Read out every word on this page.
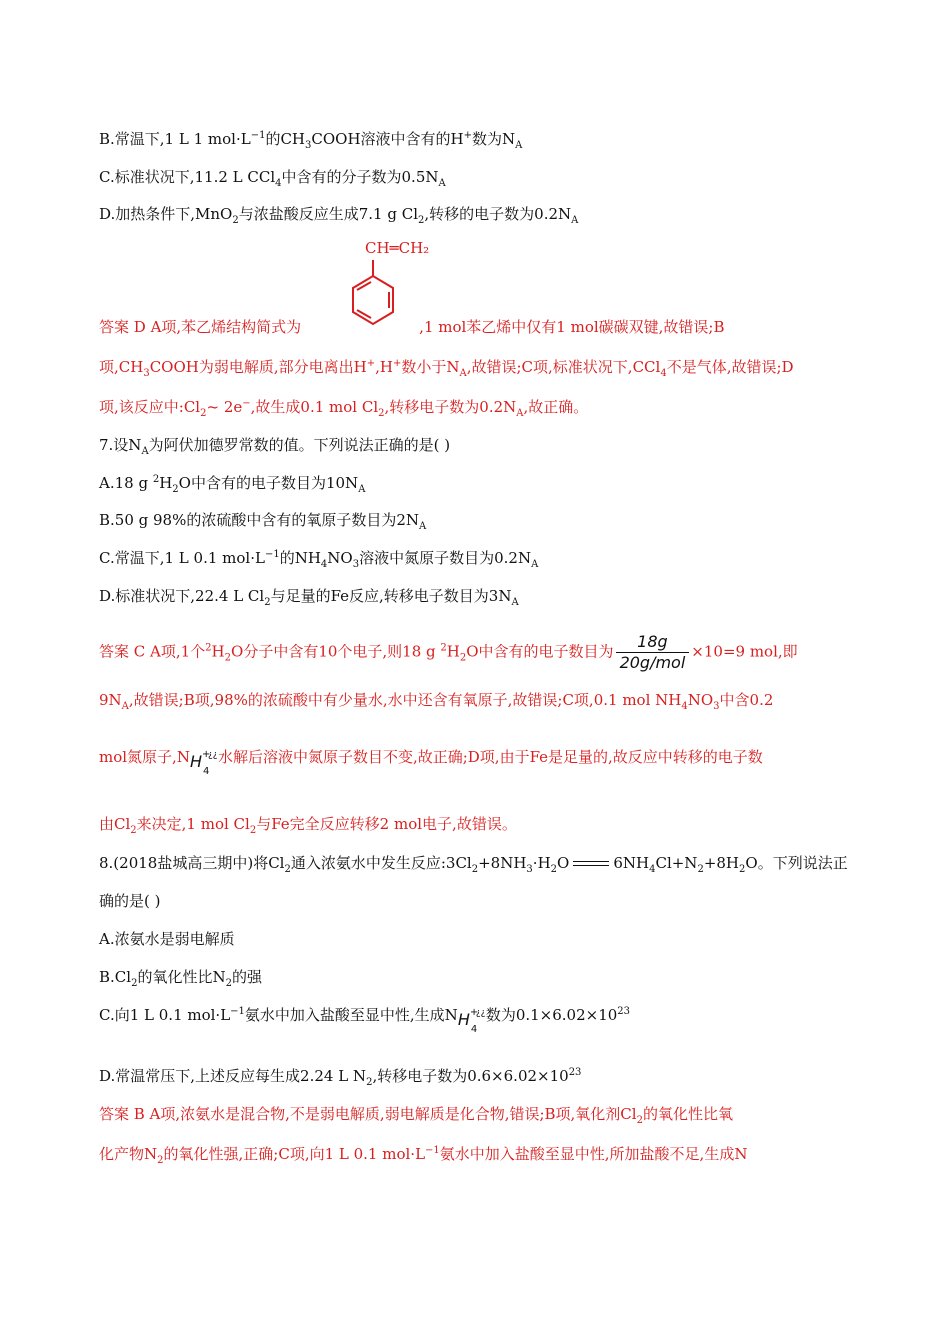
B.常温下,1 L 1 $mol\cdot L^{-1}$的$CH_3COOH$溶液中含有的H+数为$N_A$
C.标准状况下,11.2 L CCl$_4$中含有的分子数为$0.5N_A$
D.加热条件下,MnO$_2$与浓盐酸反应生成7.1 g $Cl_2$,转移的电子数为$0.2N_A$
CH═CH₂
答案 D A项,苯乙烯结构简式为	,1 mol苯乙烯中仅有1 mol碳碳双键,故错误;B
项$,CH_3COOH$为弱电解质,部分电离出H+,H+数小于$N_A$,故错误;C项,标准状况下,CCl$_4$不是气体,故错误;D
项,该反应中$:Cl_2\sim$ 2e−,故生成0.1 mol $Cl_2$,转移电子数为$0.2N_A$,故正确。
7.设$N_A$为阿伏加德罗常数的值。下列说法正确的是( )
A.18 g $^2H_2O$中含有的电子数目为$10N_A$
B.50 g 98%的浓硫酸中含有的氧原子数目为$2N_A$
C.常温下,1 L 0.1 $mol\cdot L^{-1}$的$NH_4NO_3$溶液中氮原子数目为$0.2N_A$
D.标准状况下,22.4 L $Cl_2$与足量的Fe反应,转移电子数目为$3N_A$
答案 C A项,1个$^2H_2O$分子中含有10个电子,则18 g $^2H_2O$中含有的电子数目为 $\frac{18g}{\text{20g/mol}} \times 10=9$ mol,即
$9N_A$,故错误;B项,98%的浓硫酸中有少量水,水中还含有氧原子,故错误;C项,0.1 mol $NH_4NO_3$中含0.2
mol氮原子,N H
4
+
¿¿ 水解后溶液中氮原子数目不变,故正确;D项,由于Fe是足量的,故反应中转移的电子数
由$Cl_2$来决定,1 mol $Cl_2$与Fe完全反应转移2 mol电子,故错误。
8.(2018盐城高三期中)将$Cl_2$通入浓氨水中发生反应$:3Cl_2+8NH_3\cdot H_2O$	$6NH_4Cl+N_2+8H_2O$。下列说法正
确的是( )
A.浓氨水是弱电解质
$B.Cl_2$的氧化性比$N_2$的强
C.向1 L 0.1 $mol\cdot L^{-1}$氨水中加入盐酸至显中性,生成N H
4
+
¿¿ 数为$0.1\times 6.02\times 10^{23}$
D.常温常压下,上述反应每生成2.24 L $N_2$,转移电子数为$0.6\times 6.02\times 10^{23}$
答案 B A项,浓氨水是混合物,不是弱电解质,弱电解质是化合物,错误;B项,氧化剂$Cl_2$的氧化性比氧
化产物$N_2$的氧化性强,正确;C项,向1 L 0.1 $mol\cdot L^{-1}$氨水中加入盐酸至显中性,所加盐酸不足,生成N
